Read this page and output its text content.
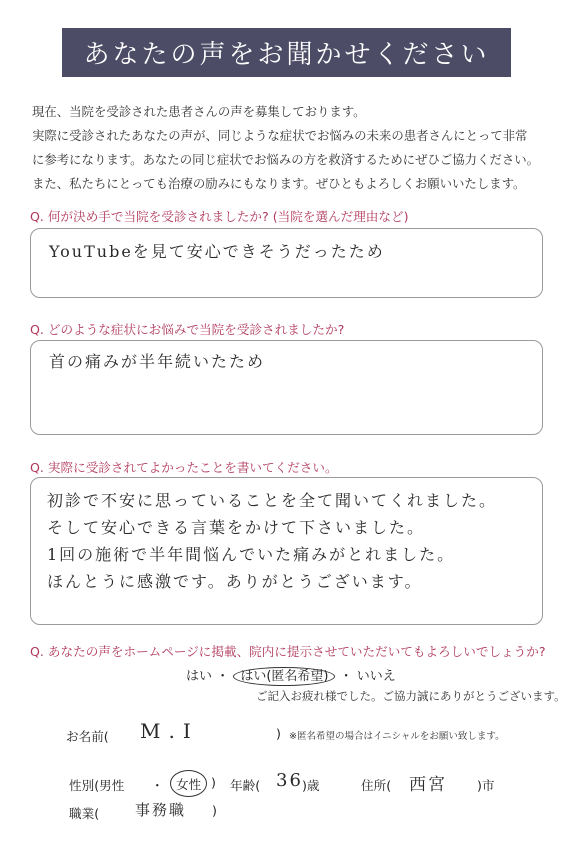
あなたの声をお聞かせください
現在、当院を受診された患者さんの声を募集しております。
実際に受診されたあなたの声が、同じような症状でお悩みの未来の患者さんにとって非常
に参考になります。あなたの同じ症状でお悩みの方を救済するためにぜひご協力ください。
また、私たちにとっても治療の励みにもなります。ぜひともよろしくお願いいたします。
Q. 何が決め手で当院を受診されましたか? (当院を選んだ理由など)
YouTubeを見て安心できそうだったため
Q. どのような症状にお悩みで当院を受診されましたか?
首の痛みが半年続いたため
Q. 実際に受診されてよかったことを書いてください。
初診で不安に思っていることを全て聞いてくれました。
そして安心できる言葉をかけて下さいました。
1回の施術で半年間悩んでいた痛みがとれました。
ほんとうに感激です。ありがとうございます。
Q. あなたの声をホームページに掲載、院内に提示させていただいてもよろしいでしょうか?
はい ・ はい(匿名希望) ・ いいえ
ご記入お疲れ様でした。ご協力誠にありがとうございます。
お名前( M.I	) ※匿名希望の場合はイニシャルをお願い致します。
性別(男性 ・ 女性 ) 年齢( 36 )歳	住所( 西宮 )市
職業( 事務職 )
